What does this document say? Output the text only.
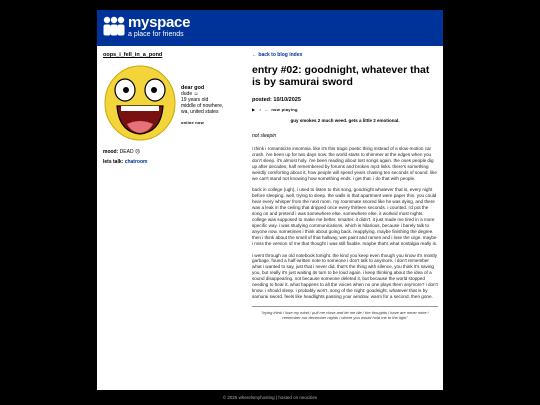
myspace
a place for friends
oops_i_fell_in_a_pond
dear god
dude ☺
19 years old
middle of nowhere,
wa, united states
online now
mood: DEAD ☹
lets talk: chatroom
← back to blog index
entry #02: goodnight, whatever that is by samurai sword
posted: 10/10/2025
▶ ♪ – now playing
guy smokes 2 much weed. gets a little 2 emotional.
not sleepin

i think i romanticize insomnia. like it's this tragic poetic thing instead of a slow-motion car crash. i've been up for two days now. the world starts to shimmer at the edges when you don't sleep. it's almost holy. i've been reading about lost songs again. the ones people dig up after decades, half remembered by forums and broken mp3 links. there's something weirdly comforting about it, how people will spend years chasing ten seconds of sound. like we can't stand not knowing how something ends. i get that. i do that with people.

back in college (ugh), i used to listen to this song, goodnight whatever that is, every night before sleeping. well, trying to sleep. the walls in that apartment were paper thin. you could hear every whisper from the next room. my roommate snored like he was dying, and there was a leak in the ceiling that dripped once every thirteen seconds. i counted. i'd put the song on and pretend i was somewhere else. somewhere else. it worked most nights. college was supposed to make me better. smarter. it didn't. it just made me tired in a more specific way. i was studying communications, which is hilarious, because i barely talk to anyone now. sometimes i think about going back. reapplying. maybe finishing the degree. then i think about the smell of that hallway, wet paint and ramen and i lose the urge. maybe i miss the version of me that thought i was still fixable. maybe that's what nostalgia really is.

i went through an old notebook tonight. the kind you keep even though you know it's mostly garbage. found a half-written note to someone i don't talk to anymore. i don't remember what i wanted to say, just that i never did. that's the thing with silence, you think it's saving you, but really it's just waiting its turn to be loud again. i keep thinking about the idea of a sound disappearing. not because someone deleted it, but because the world stopped needing to hear it. what happens to all the voices when no one plays them anymore? i don't know. i should sleep. i probably won't. song of the night: goodnight, whatever that is by samurai sword. feels like headlights passing your window. warm for a second, then gone.

"trying think / lose my mind / pull me close and let me die / the thoughts i have are never mine / remember our december nights / where you would hold me to the light"
© 2025 wherelsmyhosting | hosted on neocities
